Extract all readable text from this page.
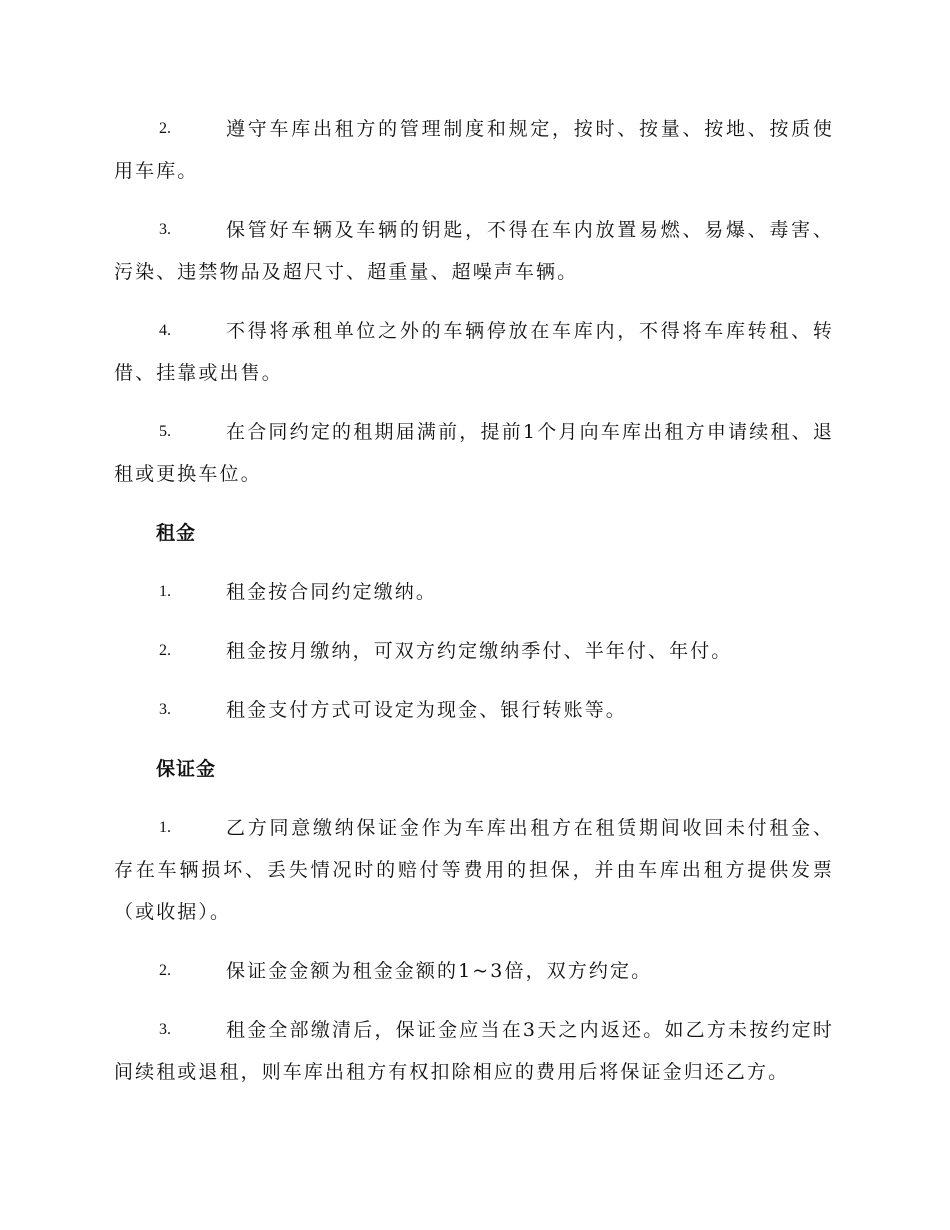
2.	遵守车库出租方的管理制度和规定，按时、按量、按地、按质使用车库。
3.	保管好车辆及车辆的钥匙，不得在车内放置易燃、易爆、毒害、污染、违禁物品及超尺寸、超重量、超噪声车辆。
4.	不得将承租单位之外的车辆停放在车库内，不得将车库转租、转借、挂靠或出售。
5.	在合同约定的租期届满前，提前1个月向车库出租方申请续租、退租或更换车位。
租金
1.	租金按合同约定缴纳。
2.	租金按月缴纳，可双方约定缴纳季付、半年付、年付。
3.	租金支付方式可设定为现金、银行转账等。
保证金
1.	乙方同意缴纳保证金作为车库出租方在租赁期间收回未付租金、存在车辆损坏、丢失情况时的赔付等费用的担保，并由车库出租方提供发票（或收据）。
2.	保证金金额为租金金额的1~3倍，双方约定。
3.	租金全部缴清后，保证金应当在3天之内返还。如乙方未按约定时间续租或退租，则车库出租方有权扣除相应的费用后将保证金归还乙方。
